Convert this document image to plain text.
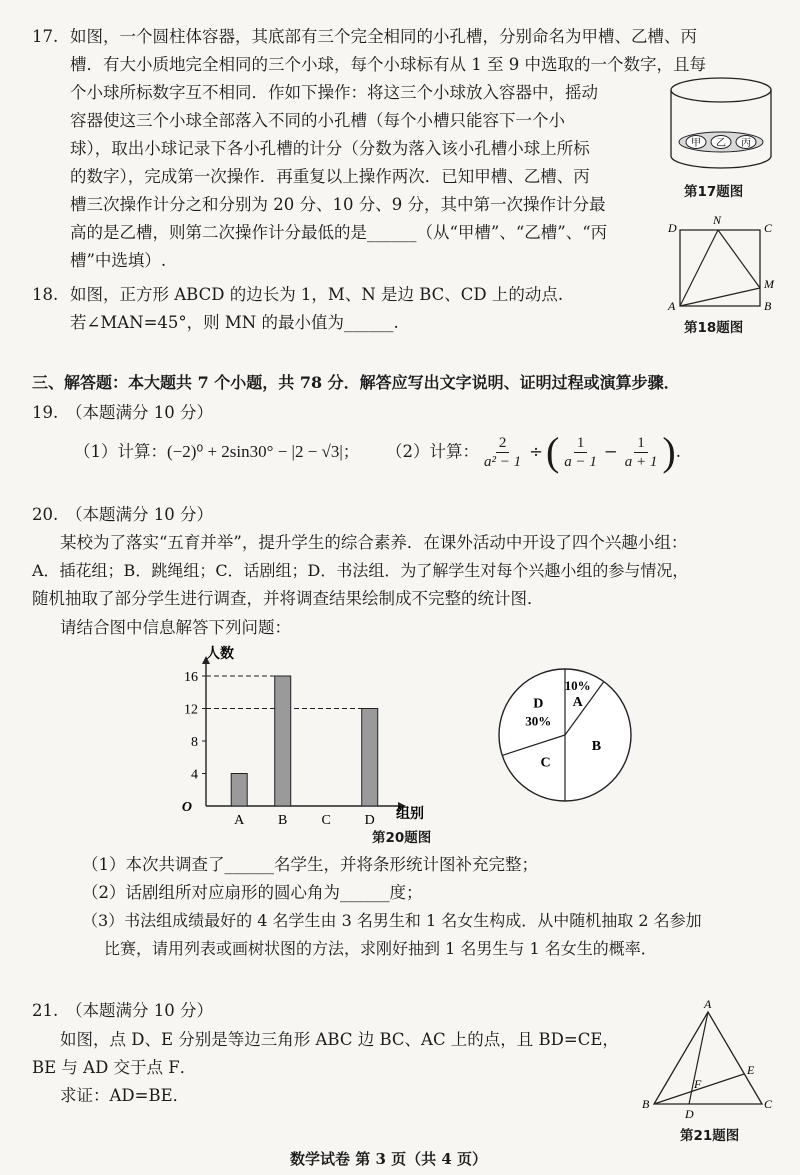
17. 如图，一个圆柱体容器，其底部有三个完全相同的小孔槽，分别命名为甲槽、乙槽、丙
槽．有大小质地完全相同的三个小球，每个小球标有从 1 至 9 中选取的一个数字，且每
个小球所标数字互不相同．作如下操作：将这三个小球放入容器中，摇动
容器使这三个小球全部落入不同的小孔槽（每个小槽只能容下一个小
球），取出小球记录下各小孔槽的计分（分数为落入该小孔槽小球上所标
的数字），完成第一次操作．再重复以上操作两次．已知甲槽、乙槽、丙
槽三次操作计分之和分别为 20 分、10 分、9 分，其中第一次操作计分最
高的是乙槽，则第二次操作计分最低的是______（从“甲槽”、“乙槽”、“丙
槽”中选填）.
甲 乙 丙
第17题图
18. 如图，正方形 ABCD 的边长为 1，M、N 是边 BC、CD 上的动点.
若∠MAN=45°，则 MN 的最小值为______.
D
N
C
M
A	B
第18题图
三、解答题：本大题共 7 个小题，共 78 分．解答应写出文字说明、证明过程或演算步骤．
19. （本题满分 10 分）
（1）计算： (−2)⁰ + 2sin30° − |2 − √3| ； （2）计算： $\frac{2}{\text{a² − 1}}$ ÷ ( $\frac{1}{a - 1} - \frac{1}{a + 1}$ ) .
20. （本题满分 10 分）
某校为了落实“五育并举”，提升学生的综合素养．在课外活动中开设了四个兴趣小组：
A．插花组；B．跳绳组；C．话剧组；D．书法组．为了解学生对每个兴趣小组的参与情况，
随机抽取了部分学生进行调查，并将调查结果绘制成不完整的统计图．
请结合图中信息解答下列问题：
O
4
8
12
16
A B C D
人数
组别
第20题图
10%
A
B
C
30%
D
（1）本次共调查了______名学生，并将条形统计图补充完整；
（2）话剧组所对应扇形的圆心角为______度；
（3）书法组成绩最好的 4 名学生由 3 名男生和 1 名女生构成．从中随机抽取 2 名参加
比赛，请用列表或画树状图的方法，求刚好抽到 1 名男生与 1 名女生的概率．
21. （本题满分 10 分）
如图，点 D、E 分别是等边三角形 ABC 边 BC、AC 上的点，且 BD=CE，
BE 与 AD 交于点 F．
求证：AD=BE．
A
B	C
D
E
F
第21题图
数学试卷 第 3 页（共 4 页）
